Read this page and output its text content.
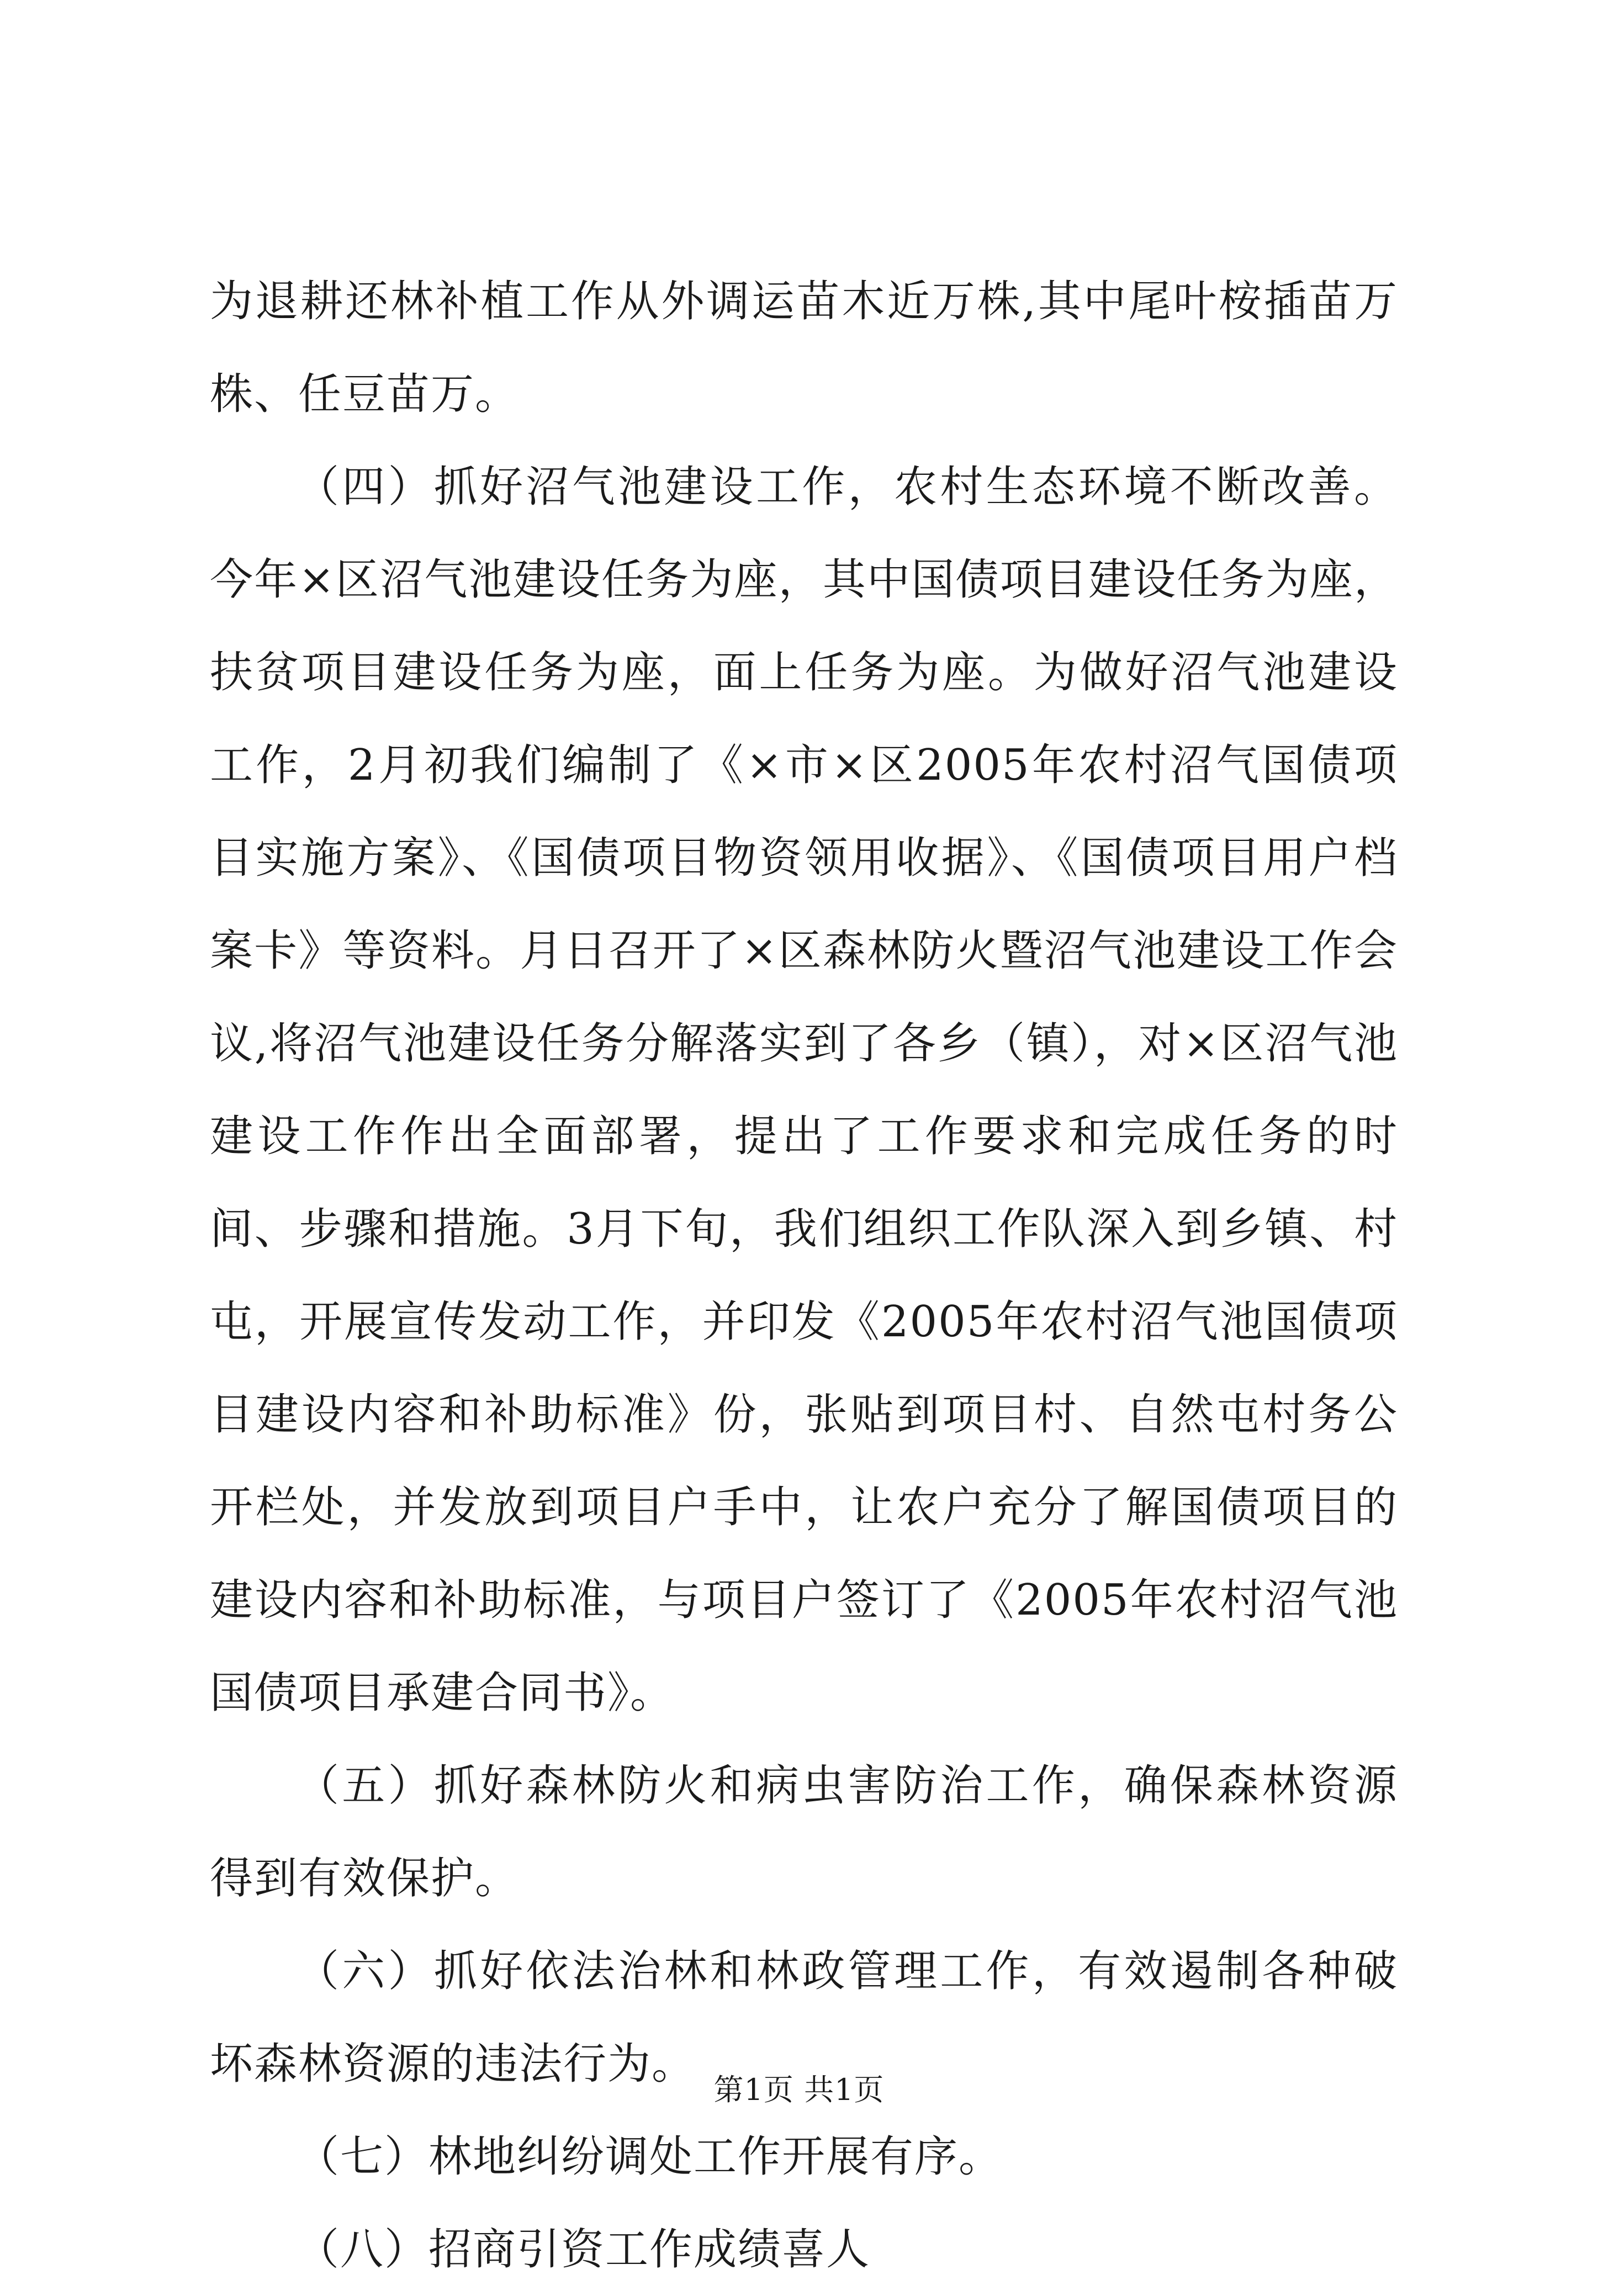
为退耕还林补植工作从外调运苗木近万株,其中尾叶桉插苗万株、任豆苗万。

（四）抓好沼气池建设工作，农村生态环境不断改善。今年×区沼气池建设任务为座，其中国债项目建设任务为座，扶贫项目建设任务为座，面上任务为座。为做好沼气池建设工作，2月初我们编制了《×市×区2005年农村沼气国债项目实施方案》、《国债项目物资领用收据》、《国债项目用户档案卡》等资料。月日召开了×区森林防火暨沼气池建设工作会议,将沼气池建设任务分解落实到了各乡（镇），对×区沼气池建设工作作出全面部署，提出了工作要求和完成任务的时间、步骤和措施。3月下旬，我们组织工作队深入到乡镇、村屯，开展宣传发动工作，并印发《2005年农村沼气池国债项目建设内容和补助标准》份，张贴到项目村、自然屯村务公开栏处，并发放到项目户手中，让农户充分了解国债项目的建设内容和补助标准，与项目户签订了《2005年农村沼气池国债项目承建合同书》。

（五）抓好森林防火和病虫害防治工作，确保森林资源得到有效保护。

（六）抓好依法治林和林政管理工作，有效遏制各种破坏森林资源的违法行为。

（七）林地纠纷调处工作开展有序。

（八）招商引资工作成绩喜人

第1页 共1页
